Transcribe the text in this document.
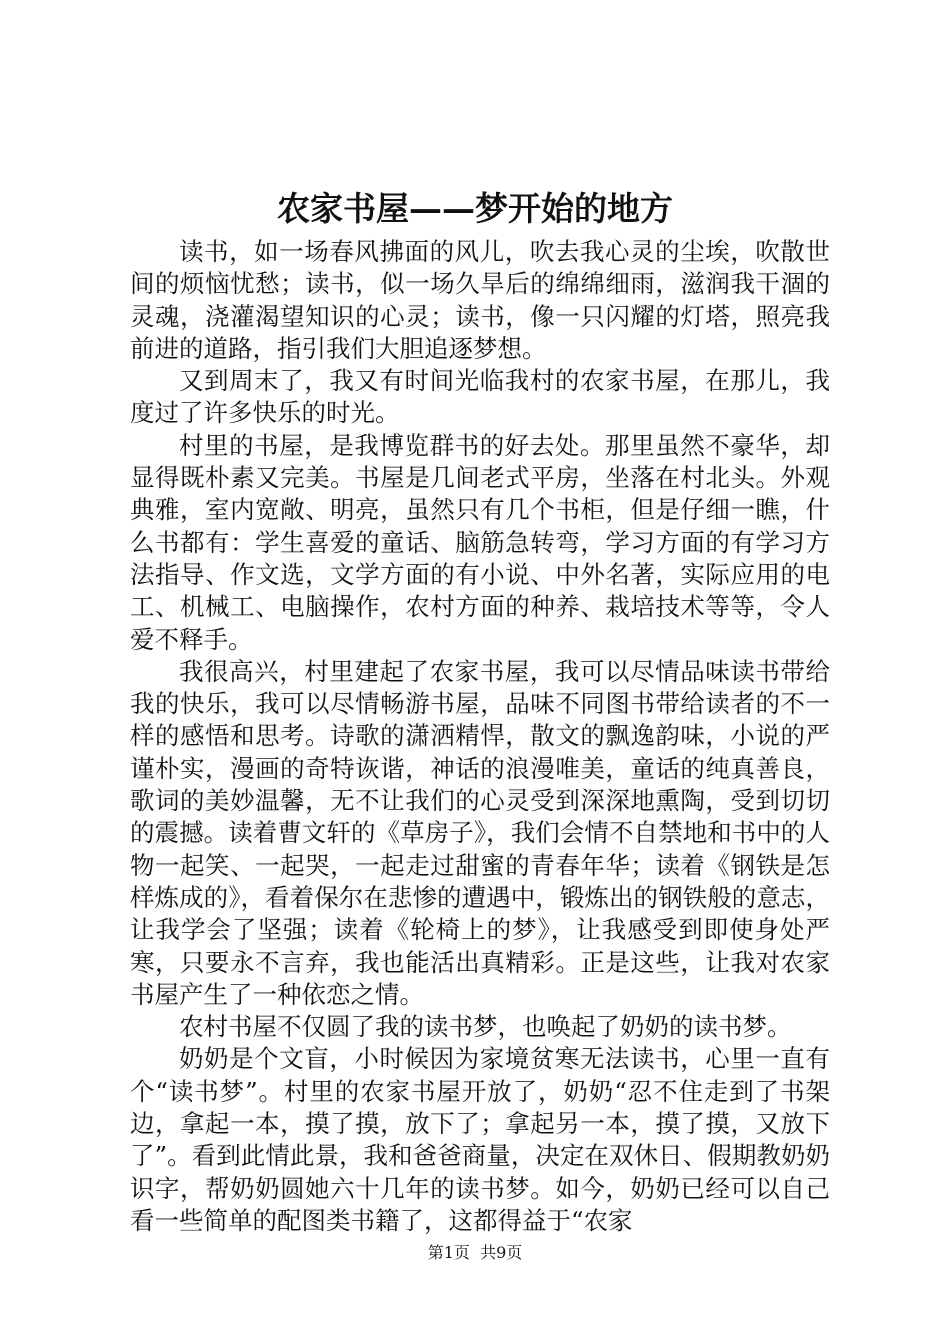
农家书屋——梦开始的地方

读书，如一场春风拂面的风儿，吹去我心灵的尘埃，吹散世间的烦恼忧愁；读书，似一场久旱后的绵绵细雨，滋润我干涸的灵魂，浇灌渴望知识的心灵；读书，像一只闪耀的灯塔，照亮我前进的道路，指引我们大胆追逐梦想。

又到周末了，我又有时间光临我村的农家书屋，在那儿，我度过了许多快乐的时光。

村里的书屋，是我博览群书的好去处。那里虽然不豪华，却显得既朴素又完美。书屋是几间老式平房，坐落在村北头。外观典雅，室内宽敞、明亮，虽然只有几个书柜，但是仔细一瞧，什么书都有：学生喜爱的童话、脑筋急转弯，学习方面的有学习方法指导、作文选，文学方面的有小说、中外名著，实际应用的电工、机械工、电脑操作，农村方面的种养、栽培技术等等，令人爱不释手。

我很高兴，村里建起了农家书屋，我可以尽情品味读书带给我的快乐，我可以尽情畅游书屋，品味不同图书带给读者的不一样的感悟和思考。诗歌的潇洒精悍，散文的飘逸韵味，小说的严谨朴实，漫画的奇特诙谐，神话的浪漫唯美，童话的纯真善良，歌词的美妙温馨，无不让我们的心灵受到深深地熏陶，受到切切的震撼。读着曹文轩的《草房子》，我们会情不自禁地和书中的人物一起笑、一起哭，一起走过甜蜜的青春年华；读着《钢铁是怎样炼成的》，看着保尔在悲惨的遭遇中，锻炼出的钢铁般的意志，让我学会了坚强；读着《轮椅上的梦》，让我感受到即使身处严寒，只要永不言弃，我也能活出真精彩。正是这些，让我对农家书屋产生了一种依恋之情。

农村书屋不仅圆了我的读书梦，也唤起了奶奶的读书梦。

奶奶是个文盲，小时候因为家境贫寒无法读书，心里一直有个“读书梦”。村里的农家书屋开放了，奶奶“忍不住走到了书架边，拿起一本，摸了摸，放下了；拿起另一本，摸了摸，又放下了”。看到此情此景，我和爸爸商量，决定在双休日、假期教奶奶识字，帮奶奶圆她六十几年的读书梦。如今，奶奶已经可以自己看一些简单的配图类书籍了，这都得益于“农家

第1页 共9页
